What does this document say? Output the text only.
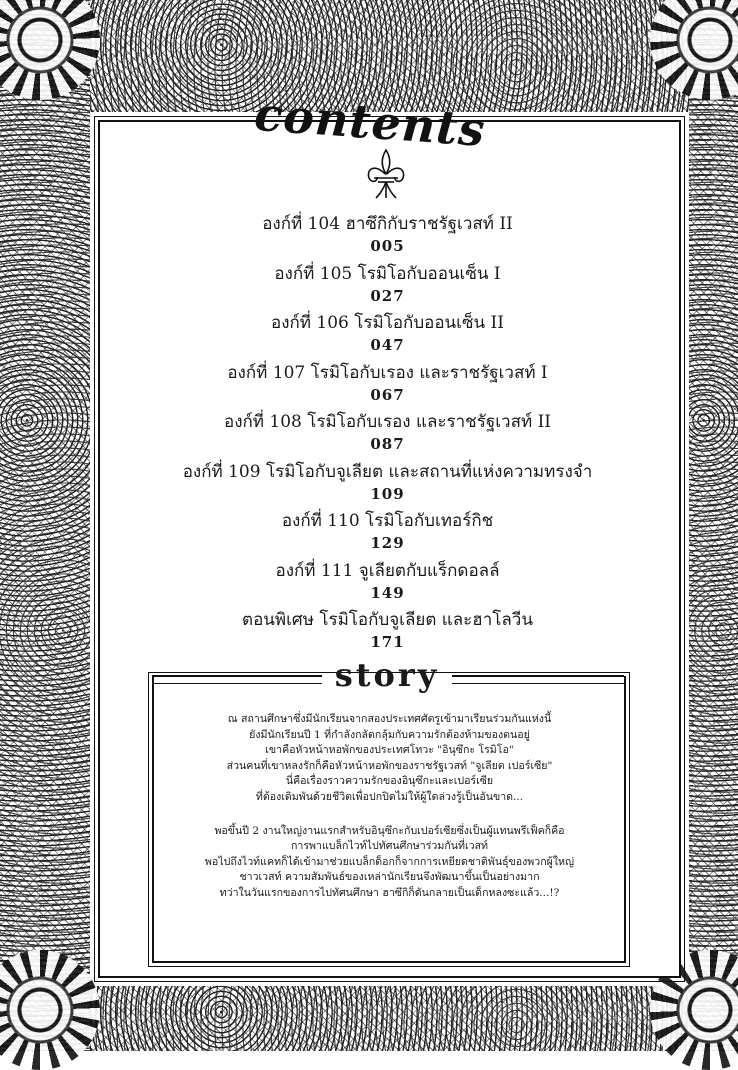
contents
องก์ที่ 104 ฮาซึกิกับราชรัฐเวสท์ II
005
องก์ที่ 105 โรมิโอกับออนเซ็น I
027
องก์ที่ 106 โรมิโอกับออนเซ็น II
047
องก์ที่ 107 โรมิโอกับเรอง และราชรัฐเวสท์ I
067
องก์ที่ 108 โรมิโอกับเรอง และราชรัฐเวสท์ II
087
องก์ที่ 109 โรมิโอกับจูเลียต และสถานที่แห่งความทรงจำ
109
องก์ที่ 110 โรมิโอกับเทอร์กิช
129
องก์ที่ 111 จูเลียตกับแร็กดอลล์
149
ตอนพิเศษ โรมิโอกับจูเลียต และฮาโลวีน
171
story

ณ สถานศึกษาซึ่งมีนักเรียนจากสองประเทศศัตรูเข้ามาเรียนร่วมกันแห่งนี้
ยังมีนักเรียนปี 1 ที่กำลังกลัดกลุ้มกับความรักต้องห้ามของตนอยู่
เขาคือหัวหน้าหอพักของประเทศโทวะ "อินุซึกะ โรมิโอ"
ส่วนคนที่เขาหลงรักก็คือหัวหน้าหอพักของราชรัฐเวสท์ "จูเลียต เปอร์เซีย"
นี่คือเรื่องราวความรักของอินุซึกะและเปอร์เซีย
ที่ต้องเดิมพันด้วยชีวิตเพื่อปกปิดไม่ให้ผู้ใดล่วงรู้เป็นอันขาด...

พอขึ้นปี 2 งานใหญ่งานแรกสำหรับอินุซึกะกับเปอร์เซียซึ่งเป็นผู้แทนพรีเฟ็คก็คือ
การพาแบล็กไวท์ไปทัศนศึกษาร่วมกันที่เวสท์
พอไปถึงไวท์แคทก็ได้เข้ามาช่วยแบล็กด็อกก็จากการเหยียดชาติพันธุ์ของพวกผู้ใหญ่
ชาวเวสท์ ความสัมพันธ์ของเหล่านักเรียนจึงพัฒนาขึ้นเป็นอย่างมาก
ทว่าในวันแรกของการไปทัศนศึกษา ฮาซึกิก็ดันกลายเป็นเด็กหลงซะแล้ว...!?
